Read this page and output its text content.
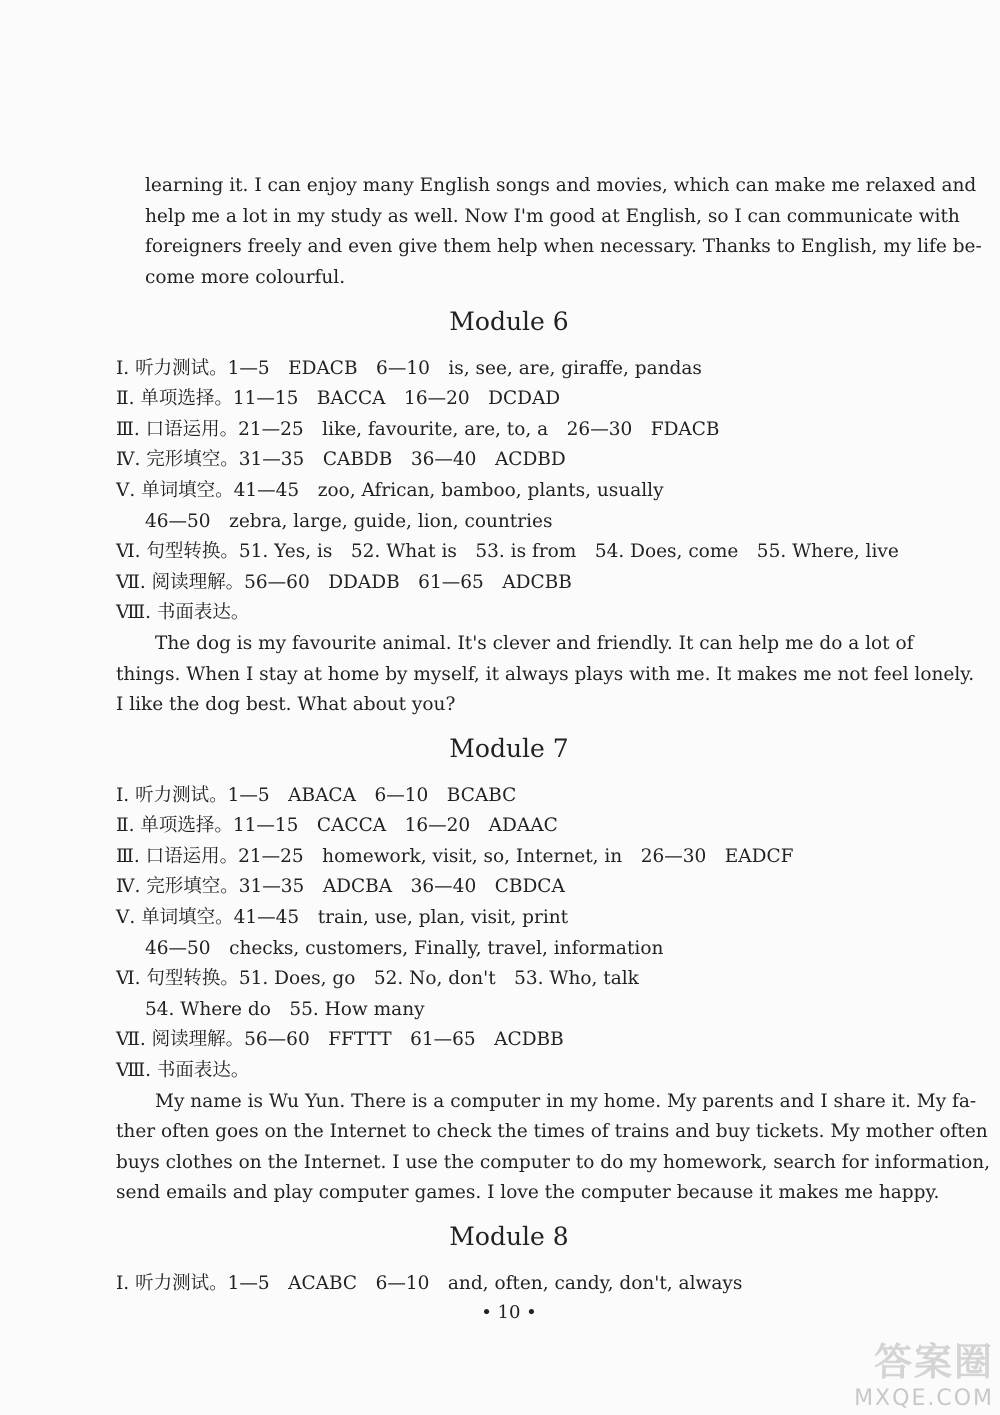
learning it. I can enjoy many English songs and movies, which can make me relaxed and
help me a lot in my study as well. Now I'm good at English, so I can communicate with
foreigners freely and even give them help when necessary. Thanks to English, my life be-
come more colourful.
Module 6
Ⅰ. 听力测试。1—5　EDACB　6—10　is, see, are, giraffe, pandas
Ⅱ. 单项选择。11—15　BACCA　16—20　DCDAD
Ⅲ. 口语运用。21—25　like, favourite, are, to, a　26—30　FDACB
Ⅳ. 完形填空。31—35　CABDB　36—40　ACDBD
Ⅴ. 单词填空。41—45　zoo, African, bamboo, plants, usually
46—50　zebra, large, guide, lion, countries
Ⅵ. 句型转换。51. Yes, is　52. What is　53. is from　54. Does, come　55. Where, live
Ⅶ. 阅读理解。56—60　DDADB　61—65　ADCBB
Ⅷ. 书面表达。
The dog is my favourite animal. It's clever and friendly. It can help me do a lot of
things. When I stay at home by myself, it always plays with me. It makes me not feel lonely.
I like the dog best. What about you?
Module 7
Ⅰ. 听力测试。1—5　ABACA　6—10　BCABC
Ⅱ. 单项选择。11—15　CACCA　16—20　ADAAC
Ⅲ. 口语运用。21—25　homework, visit, so, Internet, in　26—30　EADCF
Ⅳ. 完形填空。31—35　ADCBA　36—40　CBDCA
Ⅴ. 单词填空。41—45　train, use, plan, visit, print
46—50　checks, customers, Finally, travel, information
Ⅵ. 句型转换。51. Does, go　52. No, don't　53. Who, talk
54. Where do　55. How many
Ⅶ. 阅读理解。56—60　FFTTT　61—65　ACDBB
Ⅷ. 书面表达。
My name is Wu Yun. There is a computer in my home. My parents and I share it. My fa-
ther often goes on the Internet to check the times of trains and buy tickets. My mother often
buys clothes on the Internet. I use the computer to do my homework, search for information,
send emails and play computer games. I love the computer because it makes me happy.
Module 8
Ⅰ. 听力测试。1—5　ACABC　6—10　and, often, candy, don't, always
• 10 •
答案圈
MXQE.COM
